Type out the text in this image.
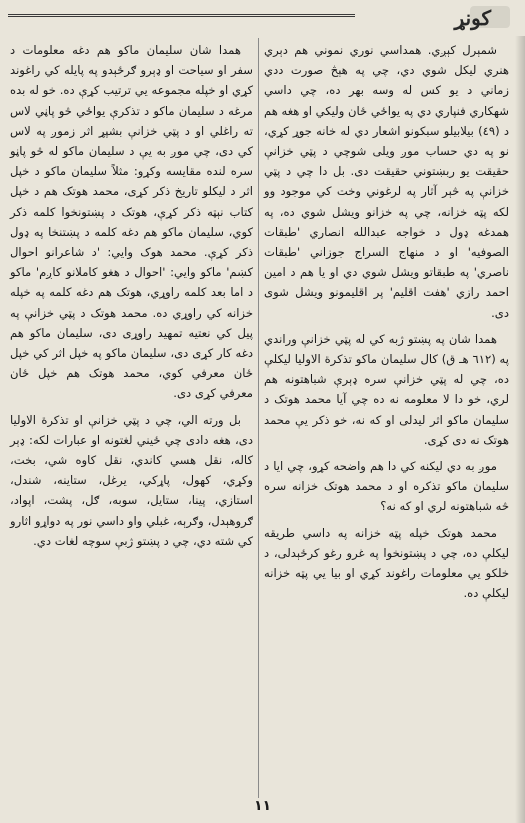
کونړ

شمېرل کېږي. همداسي نوري نموني هم دېري هنري ليکل شوي دي، چي په هېڅ صورت ددي زماني د يو کس له وسه بهر ده، چي داسي شهکاري فنپاري دي په يواځي ځان وليکي او هغه هم د (٤٩) بيلابيلو سبکونو اشعار دي له خانه جوړ کړي، نو په دي حساب موږ ويلی شوچي د پټي خزانې حقيقت يو ربښتوني حقيقت دی. بل دا چي د پټي خزانې په څېر آثار په لرغوني وخت کي موجود وو لکه پټه خزانه، چي په خزانو ويشل شوي ده، په همدغه ډول د خواجه عبدالله انصاري 'طبقات الصوفيه' او د منهاج السراج جوزاني 'طبقات ناصري' په طبقاتو ويشل شوي دي او يا هم د امين احمد رازي 'هفت اقليم' پر اقليمونو ويشل شوی دی.

همدا شان په پښتو ژبه کي له پټي خزانې وراندي په (٦١٢ هـ ق) کال سليمان ماکو تذکرة الاوليا ليکلې ده، چي له پټي خزانې سره ډېرې شباهتونه هم لري، خو دا لا معلومه نه ده چي آيا محمد هوتک د سليمان ماکو اثر ليدلی او که نه، خو ذکر يې محمد هوتک نه دی کړی.

موږ به دي ليکنه کي دا هم واضحه کړو، چي ايا د سليمان ماکو تذکره او د محمد هوتک خزانه سره څه شباهتونه لري او که نه؟

محمد هوتک خپله پټه خزانه په داسي طريقه ليکلې ده، چي د پښتونخوا په غرو رغو کرځېدلی، د خلکو يي معلومات راغوند کړي او بيا يي پټه خزانه ليکلې ده.

همدا شان سليمان ماکو هم دغه معلومات د سفر او سياحت او ډېرو ګرځېدو په پايله کي راغوند کړي او خپله مجموعه يي ترتيب کړې ده. خو له بده مرغه د سليمان ماکو د تذکرې يواځي څو پاڼي لاس ته راغلي او د پټي خزانې بشپړ اثر زموږ په لاس کي دی، چي موږ به يې د سليمان ماکو له څو پاڼو سره لنده مقايسه وکړو: مثلاً سليمان ماکو د خپل اثر د ليکلو تاريخ ذکر کړی، محمد هوتک هم د خپل کتاب نېټه ذکر کړې، هوتک د پښتونخوا کلمه ذکر کوي، سليمان ماکو هم دغه کلمه د پښتنخا په ډول ذکر کړې. محمد هوک وايي: 'د شاعرانو احوال کښم' ماکو وايي: 'احوال د هغو کاملانو کاږم' ماکو د اما بعد کلمه راوړي، هوتک هم دغه کلمه په خپله خزانه کي راوړي ده. محمد هوتک د پټي خزانې په پيل کي نعتيه تمهيد راوړی دی، سليمان ماکو هم دغه کار کړی دی، سليمان ماکو په خپل اثر کي خپل ځان معرفي کوي، محمد هوتک هم خپل ځان معرفي کړی دی.

بل ورته الي، چي د پټي خزانې او تذکرة الاوليا دی، هغه دادی چي ځيني لغتونه او عبارات لکه: ډېر کاله، نقل هسي کاندي، نقل کاوه شي، بخت، وکړي، کهول، پاړکي، يرغل، ستاينه، شندل، استازي، پينا، ستايل، سوبه، ګل، پشت، اپواد، ګروهېدل، وګرېه، غبلي واو داسي نور په دواړو اثارو کي شته دي، چي د پښتو ژبې سوچه لغات دي.

١١
